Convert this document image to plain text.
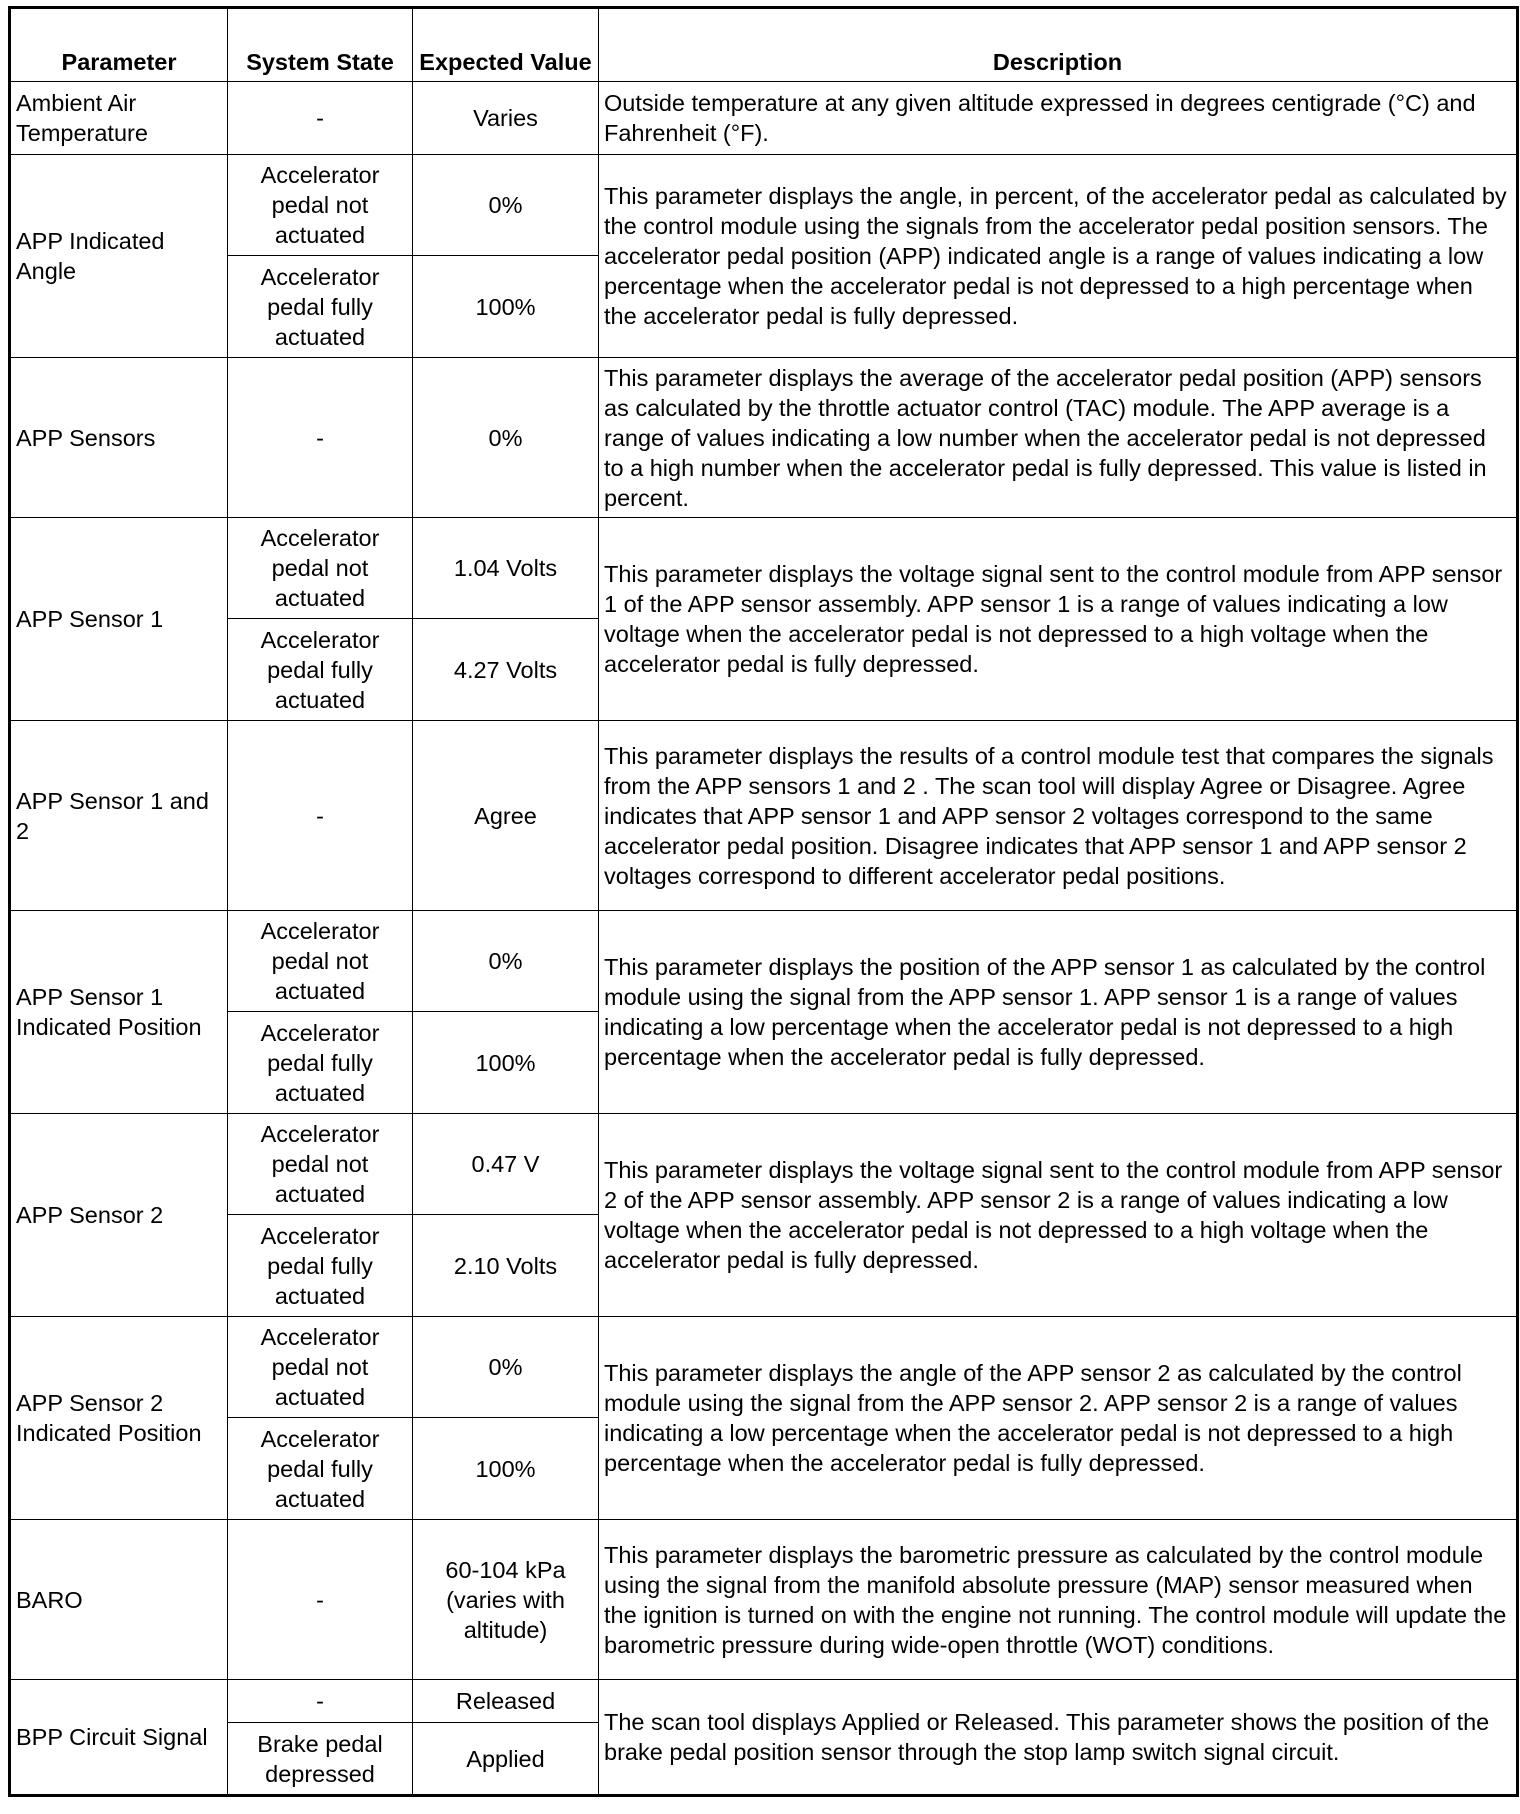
Parameter	System State	Expected Value	Description
Ambient Air Temperature	-	Varies	Outside temperature at any given altitude expressed in degrees centigrade (°C) and Fahrenheit (°F).
APP Indicated Angle	Accelerator pedal not actuated	0%	This parameter displays the angle, in percent, of the accelerator pedal as calculated by the control module using the signals from the accelerator pedal position sensors. The accelerator pedal position (APP) indicated angle is a range of values indicating a low percentage when the accelerator pedal is not depressed to a high percentage when the accelerator pedal is fully depressed.
	Accelerator pedal fully actuated	100%	
APP Sensors	-	0%	This parameter displays the average of the accelerator pedal position (APP) sensors as calculated by the throttle actuator control (TAC) module. The APP average is a range of values indicating a low number when the accelerator pedal is not depressed to a high number when the accelerator pedal is fully depressed. This value is listed in percent.
APP Sensor 1	Accelerator pedal not actuated	1.04 Volts	This parameter displays the voltage signal sent to the control module from APP sensor 1 of the APP sensor assembly. APP sensor 1 is a range of values indicating a low voltage when the accelerator pedal is not depressed to a high voltage when the accelerator pedal is fully depressed.
	Accelerator pedal fully actuated	4.27 Volts	
APP Sensor 1 and 2	-	Agree	This parameter displays the results of a control module test that compares the signals from the APP sensors 1 and 2 . The scan tool will display Agree or Disagree. Agree indicates that APP sensor 1 and APP sensor 2 voltages correspond to the same accelerator pedal position. Disagree indicates that APP sensor 1 and APP sensor 2 voltages correspond to different accelerator pedal positions.
APP Sensor 1 Indicated Position	Accelerator pedal not actuated	0%	This parameter displays the position of the APP sensor 1 as calculated by the control module using the signal from the APP sensor 1. APP sensor 1 is a range of values indicating a low percentage when the accelerator pedal is not depressed to a high percentage when the accelerator pedal is fully depressed.
	Accelerator pedal fully actuated	100%	
APP Sensor 2	Accelerator pedal not actuated	0.47 V	This parameter displays the voltage signal sent to the control module from APP sensor 2 of the APP sensor assembly. APP sensor 2 is a range of values indicating a low voltage when the accelerator pedal is not depressed to a high voltage when the accelerator pedal is fully depressed.
	Accelerator pedal fully actuated	2.10 Volts	
APP Sensor 2 Indicated Position	Accelerator pedal not actuated	0%	This parameter displays the angle of the APP sensor 2 as calculated by the control module using the signal from the APP sensor 2. APP sensor 2 is a range of values indicating a low percentage when the accelerator pedal is not depressed to a high percentage when the accelerator pedal is fully depressed.
	Accelerator pedal fully actuated	100%	
BARO	-	60-104 kPa (varies with altitude)	This parameter displays the barometric pressure as calculated by the control module using the signal from the manifold absolute pressure (MAP) sensor measured when the ignition is turned on with the engine not running. The control module will update the barometric pressure during wide-open throttle (WOT) conditions.
BPP Circuit Signal	-	Released	The scan tool displays Applied or Released. This parameter shows the position of the brake pedal position sensor through the stop lamp switch signal circuit.
	Brake pedal depressed	Applied	
